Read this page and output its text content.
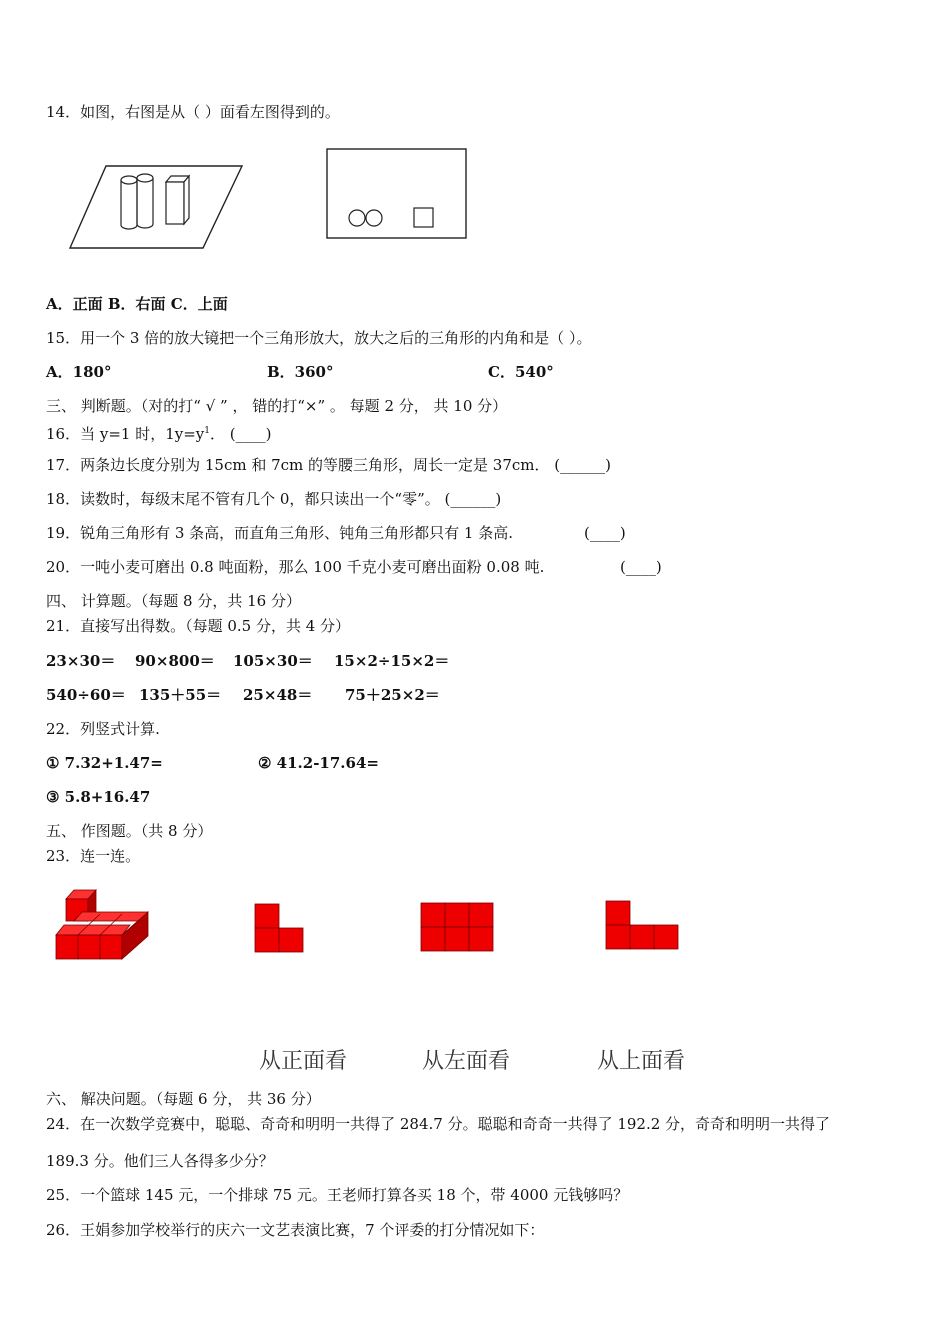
14．如图，右图是从（ ）面看左图得到的。
A．正面 B．右面 C．上面
15．用一个 3 倍的放大镜把一个三角形放大，放大之后的三角形的内角和是（ ）。
A．180°	B．360°	C．540°
三、 判断题。（对的打“ √ ” ， 错的打“×” 。 每题 2 分， 共 10 分）
16．当 y=1 时，$1y=y^1$． (____)
17．两条边长度分别为 15cm 和 7cm 的等腰三角形，周长一定是 37cm． (______)
18．读数时，每级末尾不管有几个 0，都只读出一个“零”。 (______)
19．锐角三角形有 3 条高，而直角三角形、钝角三角形都只有 1 条高.	(____)
20．一吨小麦可磨出 0.8 吨面粉，那么 100 千克小麦可磨出面粉 0.08 吨.	(____)
四、 计算题。（每题 8 分，共 16 分）
21．直接写出得数。（每题 0.5 分，共 4 分）
23×30＝ 90×800＝ 105×30＝ 15×2÷15×2＝
540÷60＝ 135＋55＝ 25×48＝ 75＋25×2＝
22．列竖式计算.
① 7.32+1.47=	② 41.2-17.64=
③ 5.8+16.47
五、 作图题。（共 8 分）
23．连一连。
从正面看	从左面看	从上面看
六、 解决问题。（每题 6 分， 共 36 分）
24．在一次数学竞赛中，聪聪、奇奇和明明一共得了 284.7 分。聪聪和奇奇一共得了 192.2 分，奇奇和明明一共得了
189.3 分。他们三人各得多少分？
25．一个篮球 145 元，一个排球 75 元。王老师打算各买 18 个，带 4000 元钱够吗？
26．王娟参加学校举行的庆六一文艺表演比赛，7 个评委的打分情况如下：
